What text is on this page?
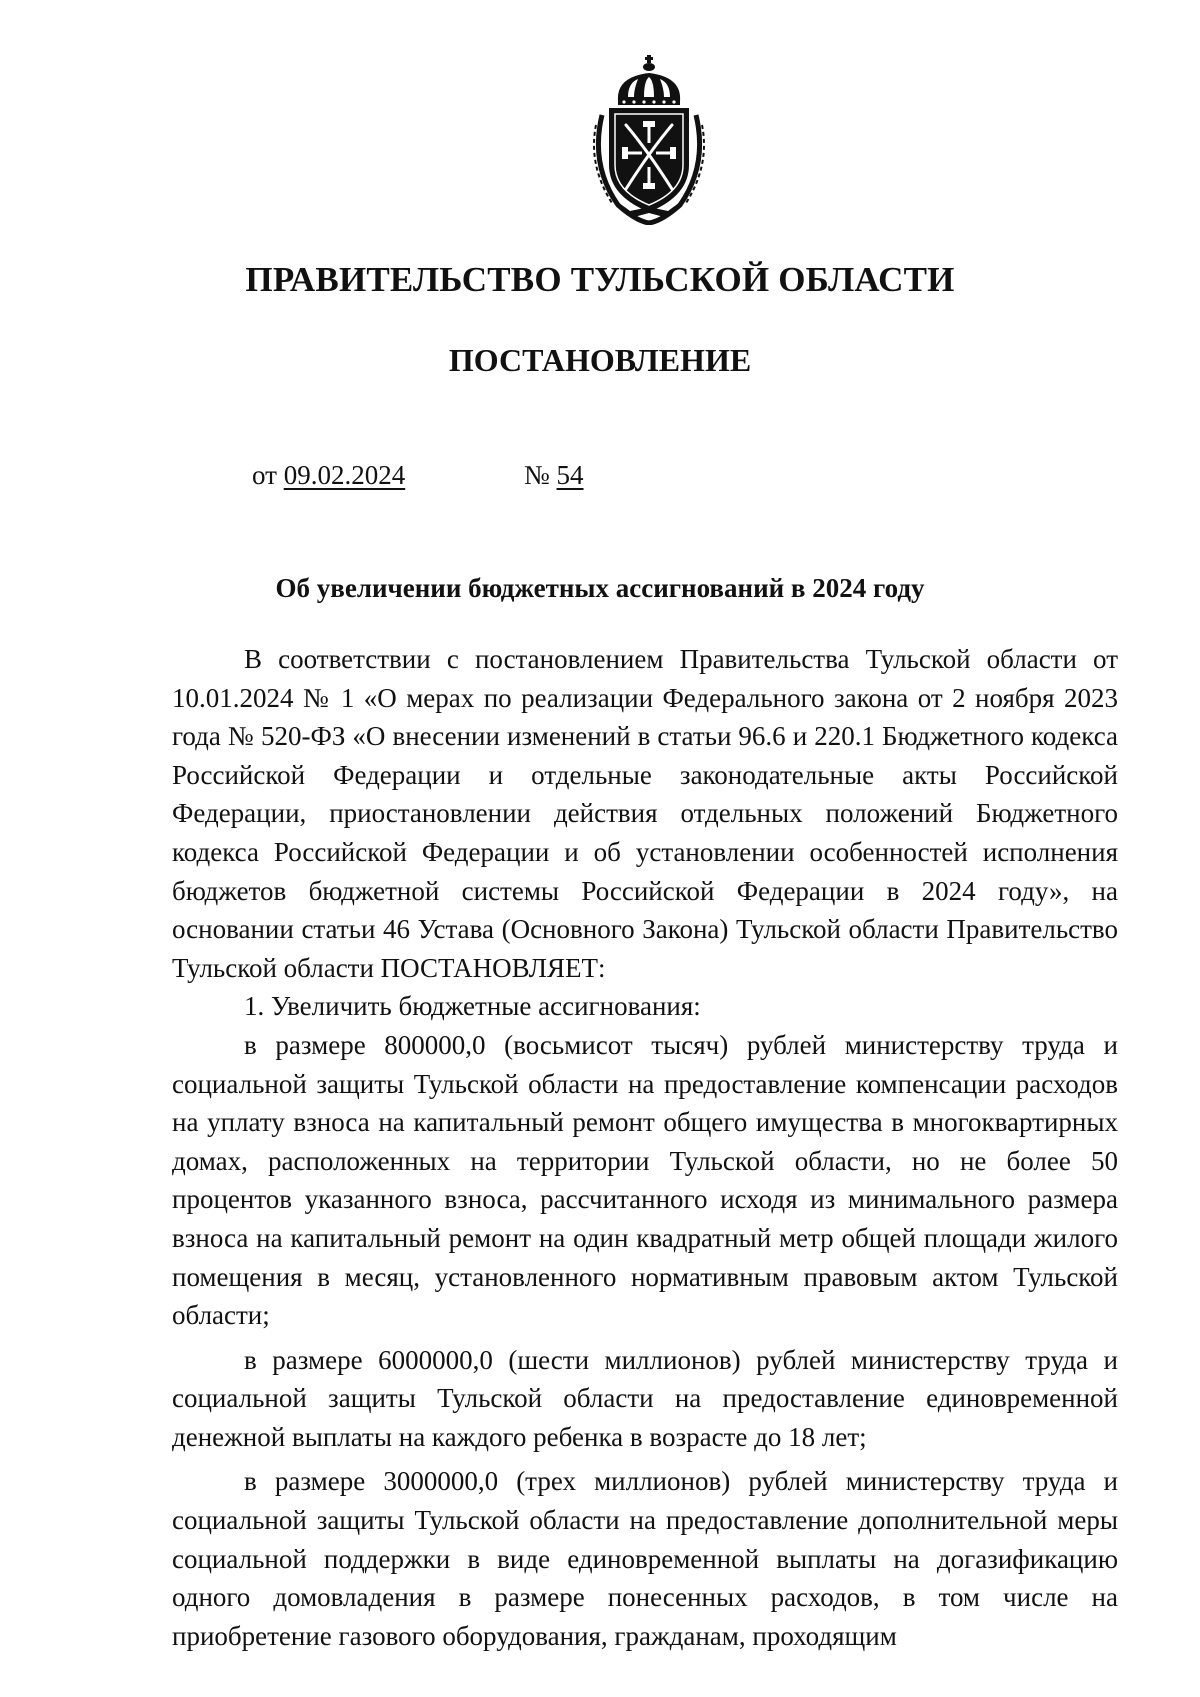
ПРАВИТЕЛЬСТВО ТУЛЬСКОЙ ОБЛАСТИ
ПОСТАНОВЛЕНИЕ
от 09.02.2024	№ 54
Об увеличении бюджетных ассигнований в 2024 году

В соответствии с постановлением Правительства Тульской области от 10.01.2024 № 1 «О мерах по реализации Федерального закона от 2 ноября 2023 года № 520-ФЗ «О внесении изменений в статьи 96.6 и 220.1 Бюджетного кодекса Российской Федерации и отдельные законодательные акты Российской Федерации, приостановлении действия отдельных положений Бюджетного кодекса Российской Федерации и об установлении особенностей исполнения бюджетов бюджетной системы Российской Федерации в 2024 году», на основании статьи 46 Устава (Основного Закона) Тульской области Правительство Тульской области ПОСТАНОВЛЯЕТ:

1. Увеличить бюджетные ассигнования:

в размере 800000,0 (восьмисот тысяч) рублей министерству труда и социальной защиты Тульской области на предоставление компенсации расходов на уплату взноса на капитальный ремонт общего имущества в многоквартирных домах, расположенных на территории Тульской области, но не более 50 процентов указанного взноса, рассчитанного исходя из минимального размера взноса на капитальный ремонт на один квадратный метр общей площади жилого помещения в месяц, установленного нормативным правовым актом Тульской области;

в размере 6000000,0 (шести миллионов) рублей министерству труда и социальной защиты Тульской области на предоставление единовременной денежной выплаты на каждого ребенка в возрасте до 18 лет;

в размере 3000000,0 (трех миллионов) рублей министерству труда и социальной защиты Тульской области на предоставление дополнительной меры социальной поддержки в виде единовременной выплаты на догазификацию одного домовладения в размере понесенных расходов, в том числе на приобретение газового оборудования, гражданам, проходящим
